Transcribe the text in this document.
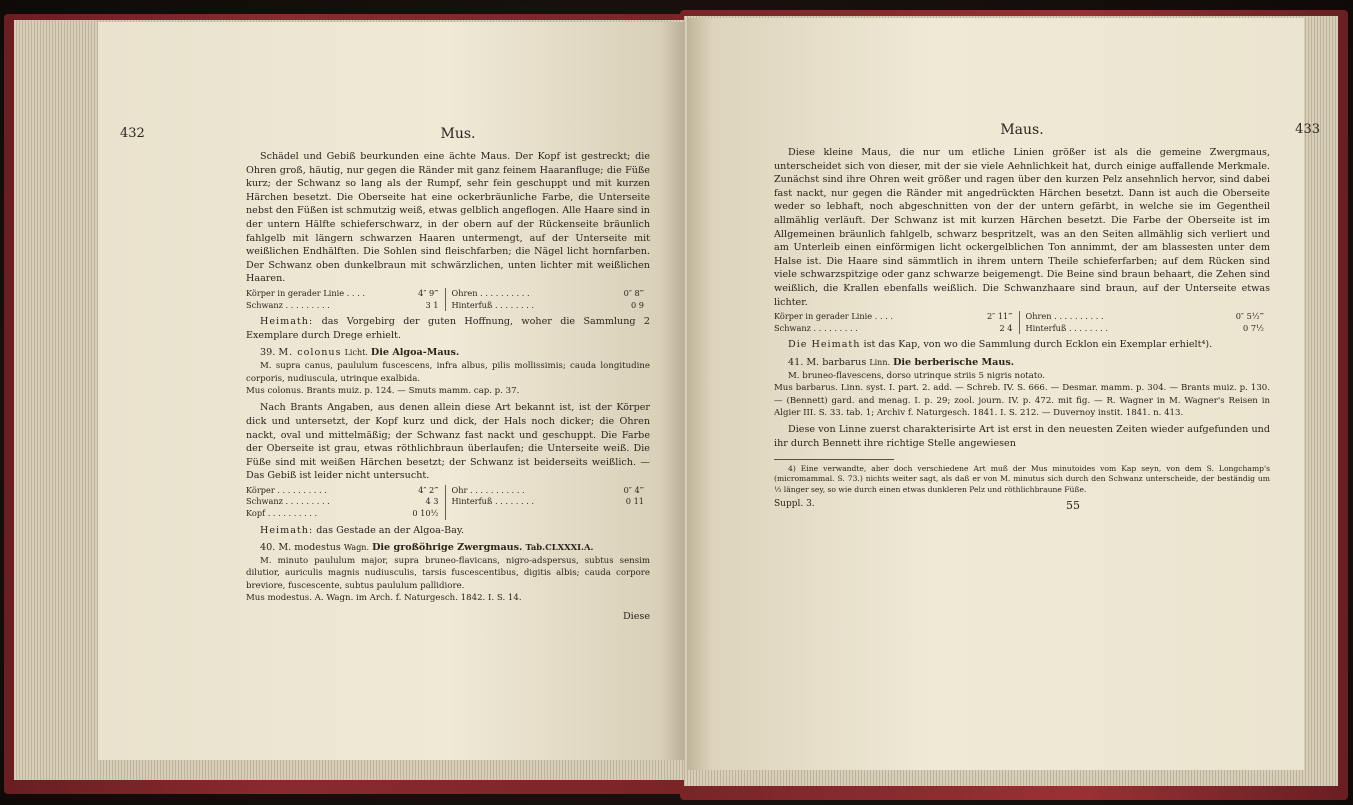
432	Mus.

Schädel und Gebiß beurkunden eine ächte Maus. Der Kopf ist gestreckt; die Ohren groß, häutig, nur gegen die Ränder mit ganz feinem Haaranfluge; die Füße kurz; der Schwanz so lang als der Rumpf, sehr fein geschuppt und mit kurzen Härchen besetzt. Die Oberseite hat eine ockerbräunliche Farbe, die Unterseite nebst den Füßen ist schmutzig weiß, etwas gelblich angeflogen. Alle Haare sind in der untern Hälfte schieferschwarz, in der obern auf der Rückenseite bräunlich fahlgelb mit längern schwarzen Haaren untermengt, auf der Unterseite mit weißlichen Endhälften. Die Sohlen sind fleischfarben; die Nägel licht hornfarben. Der Schwanz oben dunkelbraun mit schwärzlichen, unten lichter mit weißlichen Haaren.

Körper in gerader Linie . . . .	4″ 9‴
Schwanz . . . . . . . . .	3 1
Ohren . . . . . . . . . .	0″ 8‴
Hinterfuß . . . . . . . .	0 9

Heimath: das Vorgebirg der guten Hoffnung, woher die Sammlung 2 Exemplare durch Drege erhielt.

39. M. colonus Licht. Die Algoa-Maus.

M. supra canus, paululum fuscescens, infra albus, pilis mollissimis; cauda longitudine corporis, nudiuscula, utrinque exalbida.

Mus colonus. Brants muiz. p. 124. — Smuts mamm. cap. p. 37.

Nach Brants Angaben, aus denen allein diese Art bekannt ist, ist der Körper dick und untersetzt, der Kopf kurz und dick, der Hals noch dicker; die Ohren nackt, oval und mittelmäßig; der Schwanz fast nackt und geschuppt. Die Farbe der Oberseite ist grau, etwas röthlichbraun überlaufen; die Unterseite weiß. Die Füße sind mit weißen Härchen besetzt; der Schwanz ist beiderseits weißlich. — Das Gebiß ist leider nicht untersucht.

Körper . . . . . . . . . .	4″ 2‴
Schwanz . . . . . . . . .	4 3
Kopf . . . . . . . . . .	0 10½
Ohr . . . . . . . . . . .	0″ 4‴
Hinterfuß . . . . . . . .	0 11

Heimath: das Gestade an der Algoa-Bay.

40. M. modestus Wagn. Die großöhrige Zwergmaus. Tab.CLXXXI.A.

M. minuto paululum major, supra bruneo-flavicans, nigro-adspersus, subtus sensim dilutior, auriculis magnis nudiusculis, tarsis fuscescentibus, digitis albis; cauda corpore breviore, fuscescente, subtus paululum pallidiore.

Mus modestus. A. Wagn. im Arch. f. Naturgesch. 1842. I. S. 14.

Diese
Maus.	433

Diese kleine Maus, die nur um etliche Linien größer ist als die gemeine Zwergmaus, unterscheidet sich von dieser, mit der sie viele Aehnlichkeit hat, durch einige auffallende Merkmale. Zunächst sind ihre Ohren weit größer und ragen über den kurzen Pelz ansehnlich hervor, sind dabei fast nackt, nur gegen die Ränder mit angedrückten Härchen besetzt. Dann ist auch die Oberseite weder so lebhaft, noch abgeschnitten von der der untern gefärbt, in welche sie im Gegentheil allmählig verläuft. Der Schwanz ist mit kurzen Härchen besetzt. Die Farbe der Oberseite ist im Allgemeinen bräunlich fahlgelb, schwarz bespritzelt, was an den Seiten allmählig sich verliert und am Unterleib einen einförmigen licht ockergelblichen Ton annimmt, der am blassesten unter dem Halse ist. Die Haare sind sämmtlich in ihrem untern Theile schieferfarben; auf dem Rücken sind viele schwarzspitzige oder ganz schwarze beigemengt. Die Beine sind braun behaart, die Zehen sind weißlich, die Krallen ebenfalls weißlich. Die Schwanzhaare sind braun, auf der Unterseite etwas lichter.

Körper in gerader Linie . . . .	2″ 11‴
Schwanz . . . . . . . . .	2 4
Ohren . . . . . . . . . .	0″ 5½‴
Hinterfuß . . . . . . . .	0 7½

Die Heimath ist das Kap, von wo die Sammlung durch Ecklon ein Exemplar erhielt⁴).

41. M. barbarus Linn. Die berberische Maus.

M. bruneo-flavescens, dorso utrinque striis 5 nigris notato.

Mus barbarus. Linn. syst. I. part. 2. add. — Schreb. IV. S. 666. — Desmar. mamm. p. 304. — Brants muiz. p. 130. — (Bennett) gard. and menag. I. p. 29; zool. journ. IV. p. 472. mit fig. — R. Wagner in M. Wagner's Reisen in Algier III. S. 33. tab. 1; Archiv f. Naturgesch. 1841. I. S. 212. — Duvernoy instit. 1841. n. 413.

Diese von Linne zuerst charakterisirte Art ist erst in den neuesten Zeiten wieder aufgefunden und ihr durch Bennett ihre richtige Stelle angewiesen

4) Eine verwandte, aber doch verschiedene Art muß der Mus minutoides vom Kap seyn, von dem S. Longchamp's (micromammal. S. 73.) nichts weiter sagt, als daß er von M. minutus sich durch den Schwanz unterscheide, der beständig um ⅓ länger sey, so wie durch einen etwas dunkleren Pelz und röthlichbraune Füße.

Suppl. 3.	55
